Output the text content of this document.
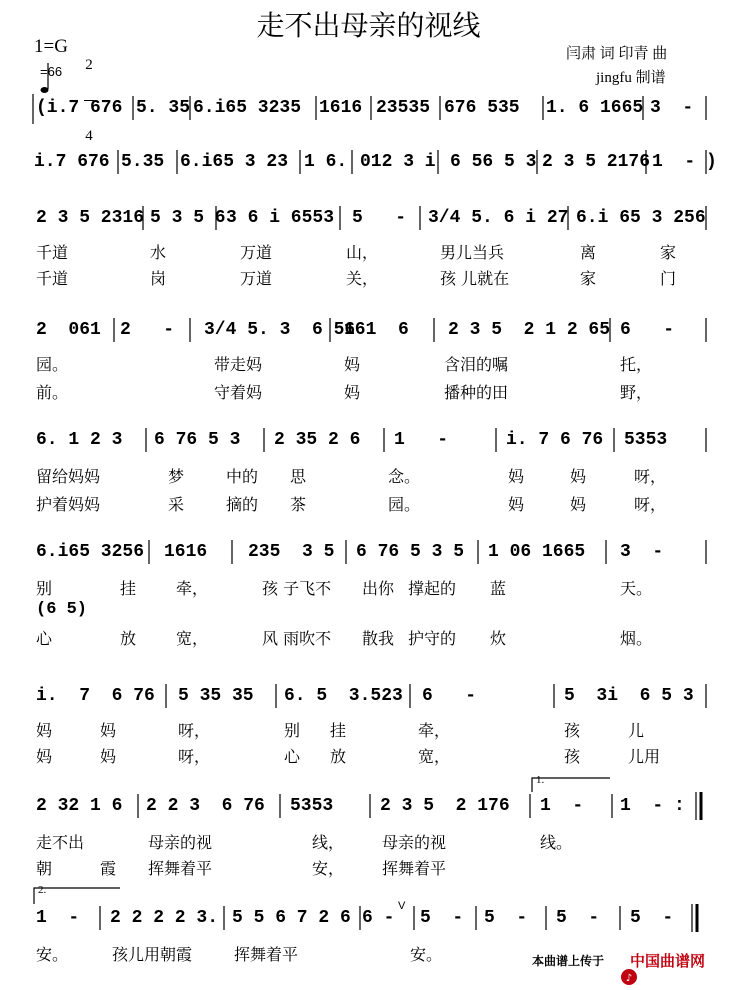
走不出母亲的视线
1=G

2

4

=66
闫肃 词 印青 曲
jingfu 制谱
(i.7 676 5. 35 6.i65 3235 1616 23535 676 535 1. 6 1665 3  -
i.7 676 5.35 6.i65 3 23 1 6. 012 3 i 6 56 5 3 2 3 5 2176 1  - )
2 3 5 2316 5 3 5 6 3 6 i 6553 5   - 3/4 5. 6 i 27 6.i 65 3 256
千道	水	万道	山，	男儿当兵	离	家
千道	岗	万道	关，	孩 儿就在	家	门
2  061 2   - 3/4 5. 3  6 56
161  6 2 3 5  2 1 2 65 6   -
园。	带走妈	妈	含泪的嘱	托，
前。	守着妈	妈	播种的田	野，
6. 1 2 3 6 76 5 3 2 35 2 6 1   -	i. 7 6 76 5353
留给妈妈	梦	中的 思	念。	妈	妈	呀，
护着妈妈	采	摘的 茶	园。	妈	妈	呀，
6.i65 3256 1616 235  3 5 6 76 5 3 5 1 06 1665 3  -
别	挂 牵，	孩 子飞不 出你 撑起的 蓝	天。
(6 5)
心	放 宽，	风 雨吹不 散我 护守的 炊	烟。
i.  7  6 76 5 35 35 6. 5  3.523 6   -	5  3i  6 5 3
妈	妈	呀，	别 挂	牵，	孩	儿
妈	妈	呀，	心 放	宽，	孩	儿用
1.
2 32 1 6 2 2 3  6 76 5353	2 3 5  2 176 1  - 1  - :
走不出	母亲的视	线， 母亲的视	线。
朝	霞 挥舞着平	安， 挥舞着平
2.
1  - 2 2 2 2 3. 5 5 6 7 2 6 6 -
V
5  - 5  - 5  - 5  -
安。	孩儿用朝霞	挥舞着平	安。	本曲谱上传于

♪

中国曲谱网
